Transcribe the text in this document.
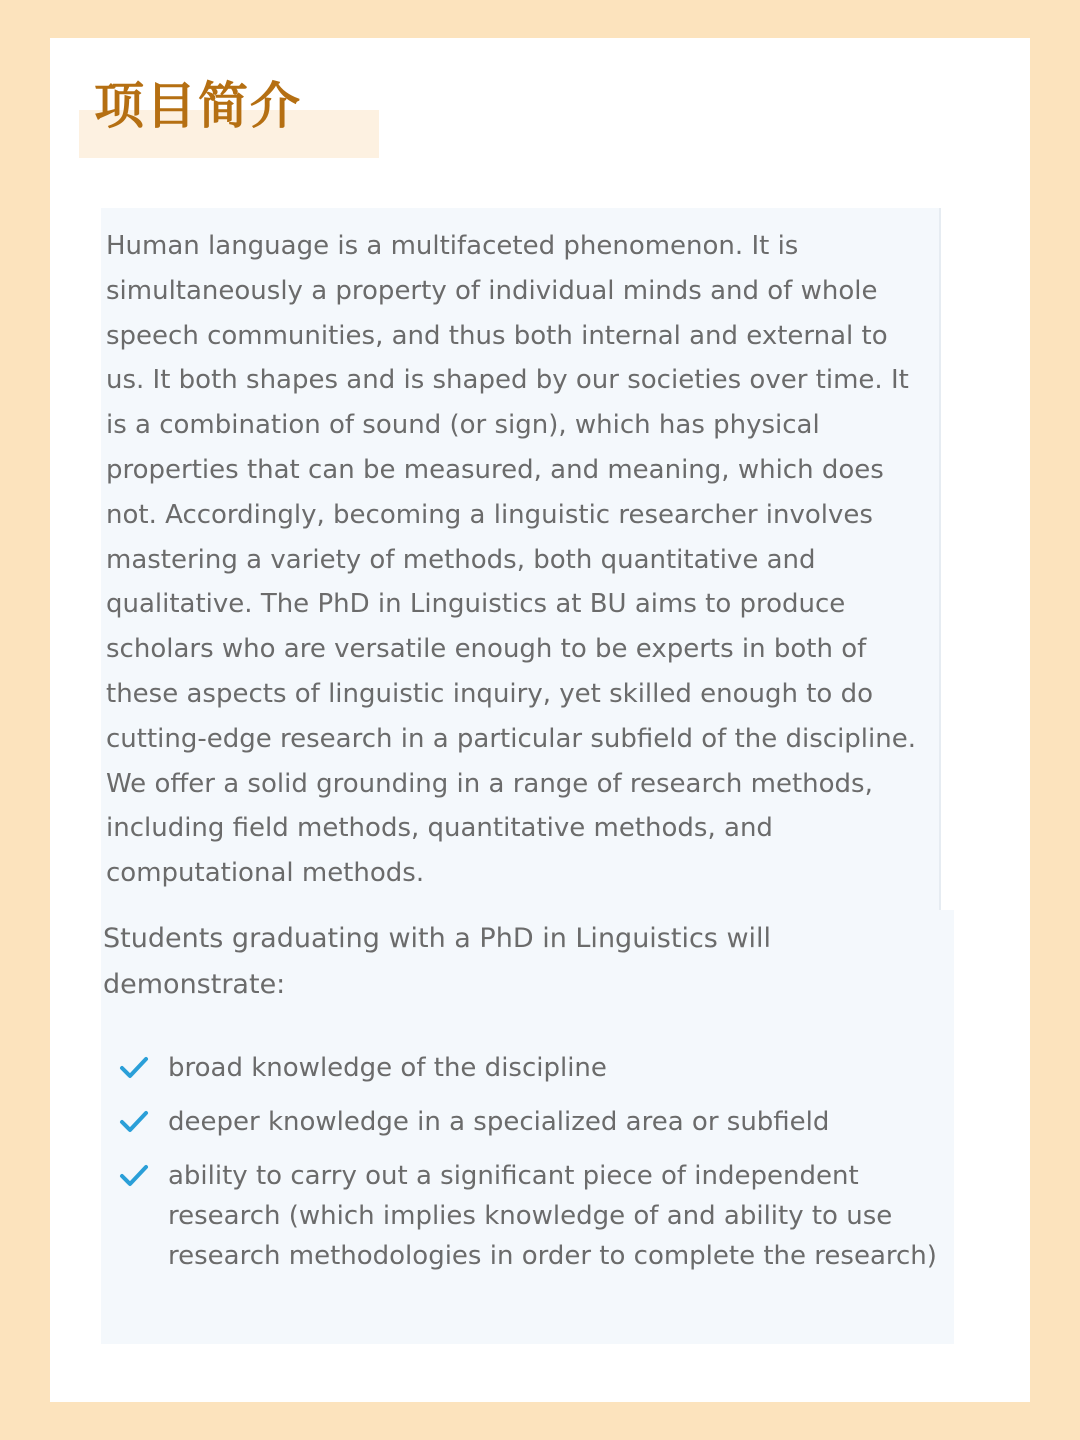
项目简介

Human language is a multifaceted phenomenon. It is simultaneously a property of individual minds and of whole speech communities, and thus both internal and external to us. It both shapes and is shaped by our societies over time. It is a combination of sound (or sign), which has physical properties that can be measured, and meaning, which does not. Accordingly, becoming a linguistic researcher involves mastering a variety of methods, both quantitative and qualitative. The PhD in Linguistics at BU aims to produce scholars who are versatile enough to be experts in both of these aspects of linguistic inquiry, yet skilled enough to do cutting-edge research in a particular subfield of the discipline. We offer a solid grounding in a range of research methods, including field methods, quantitative methods, and computational methods.

Students graduating with a PhD in Linguistics will demonstrate:

broad knowledge of the discipline
deeper knowledge in a specialized area or subfield
ability to carry out a significant piece of independent research (which implies knowledge of and ability to use research methodologies in order to complete the research)
